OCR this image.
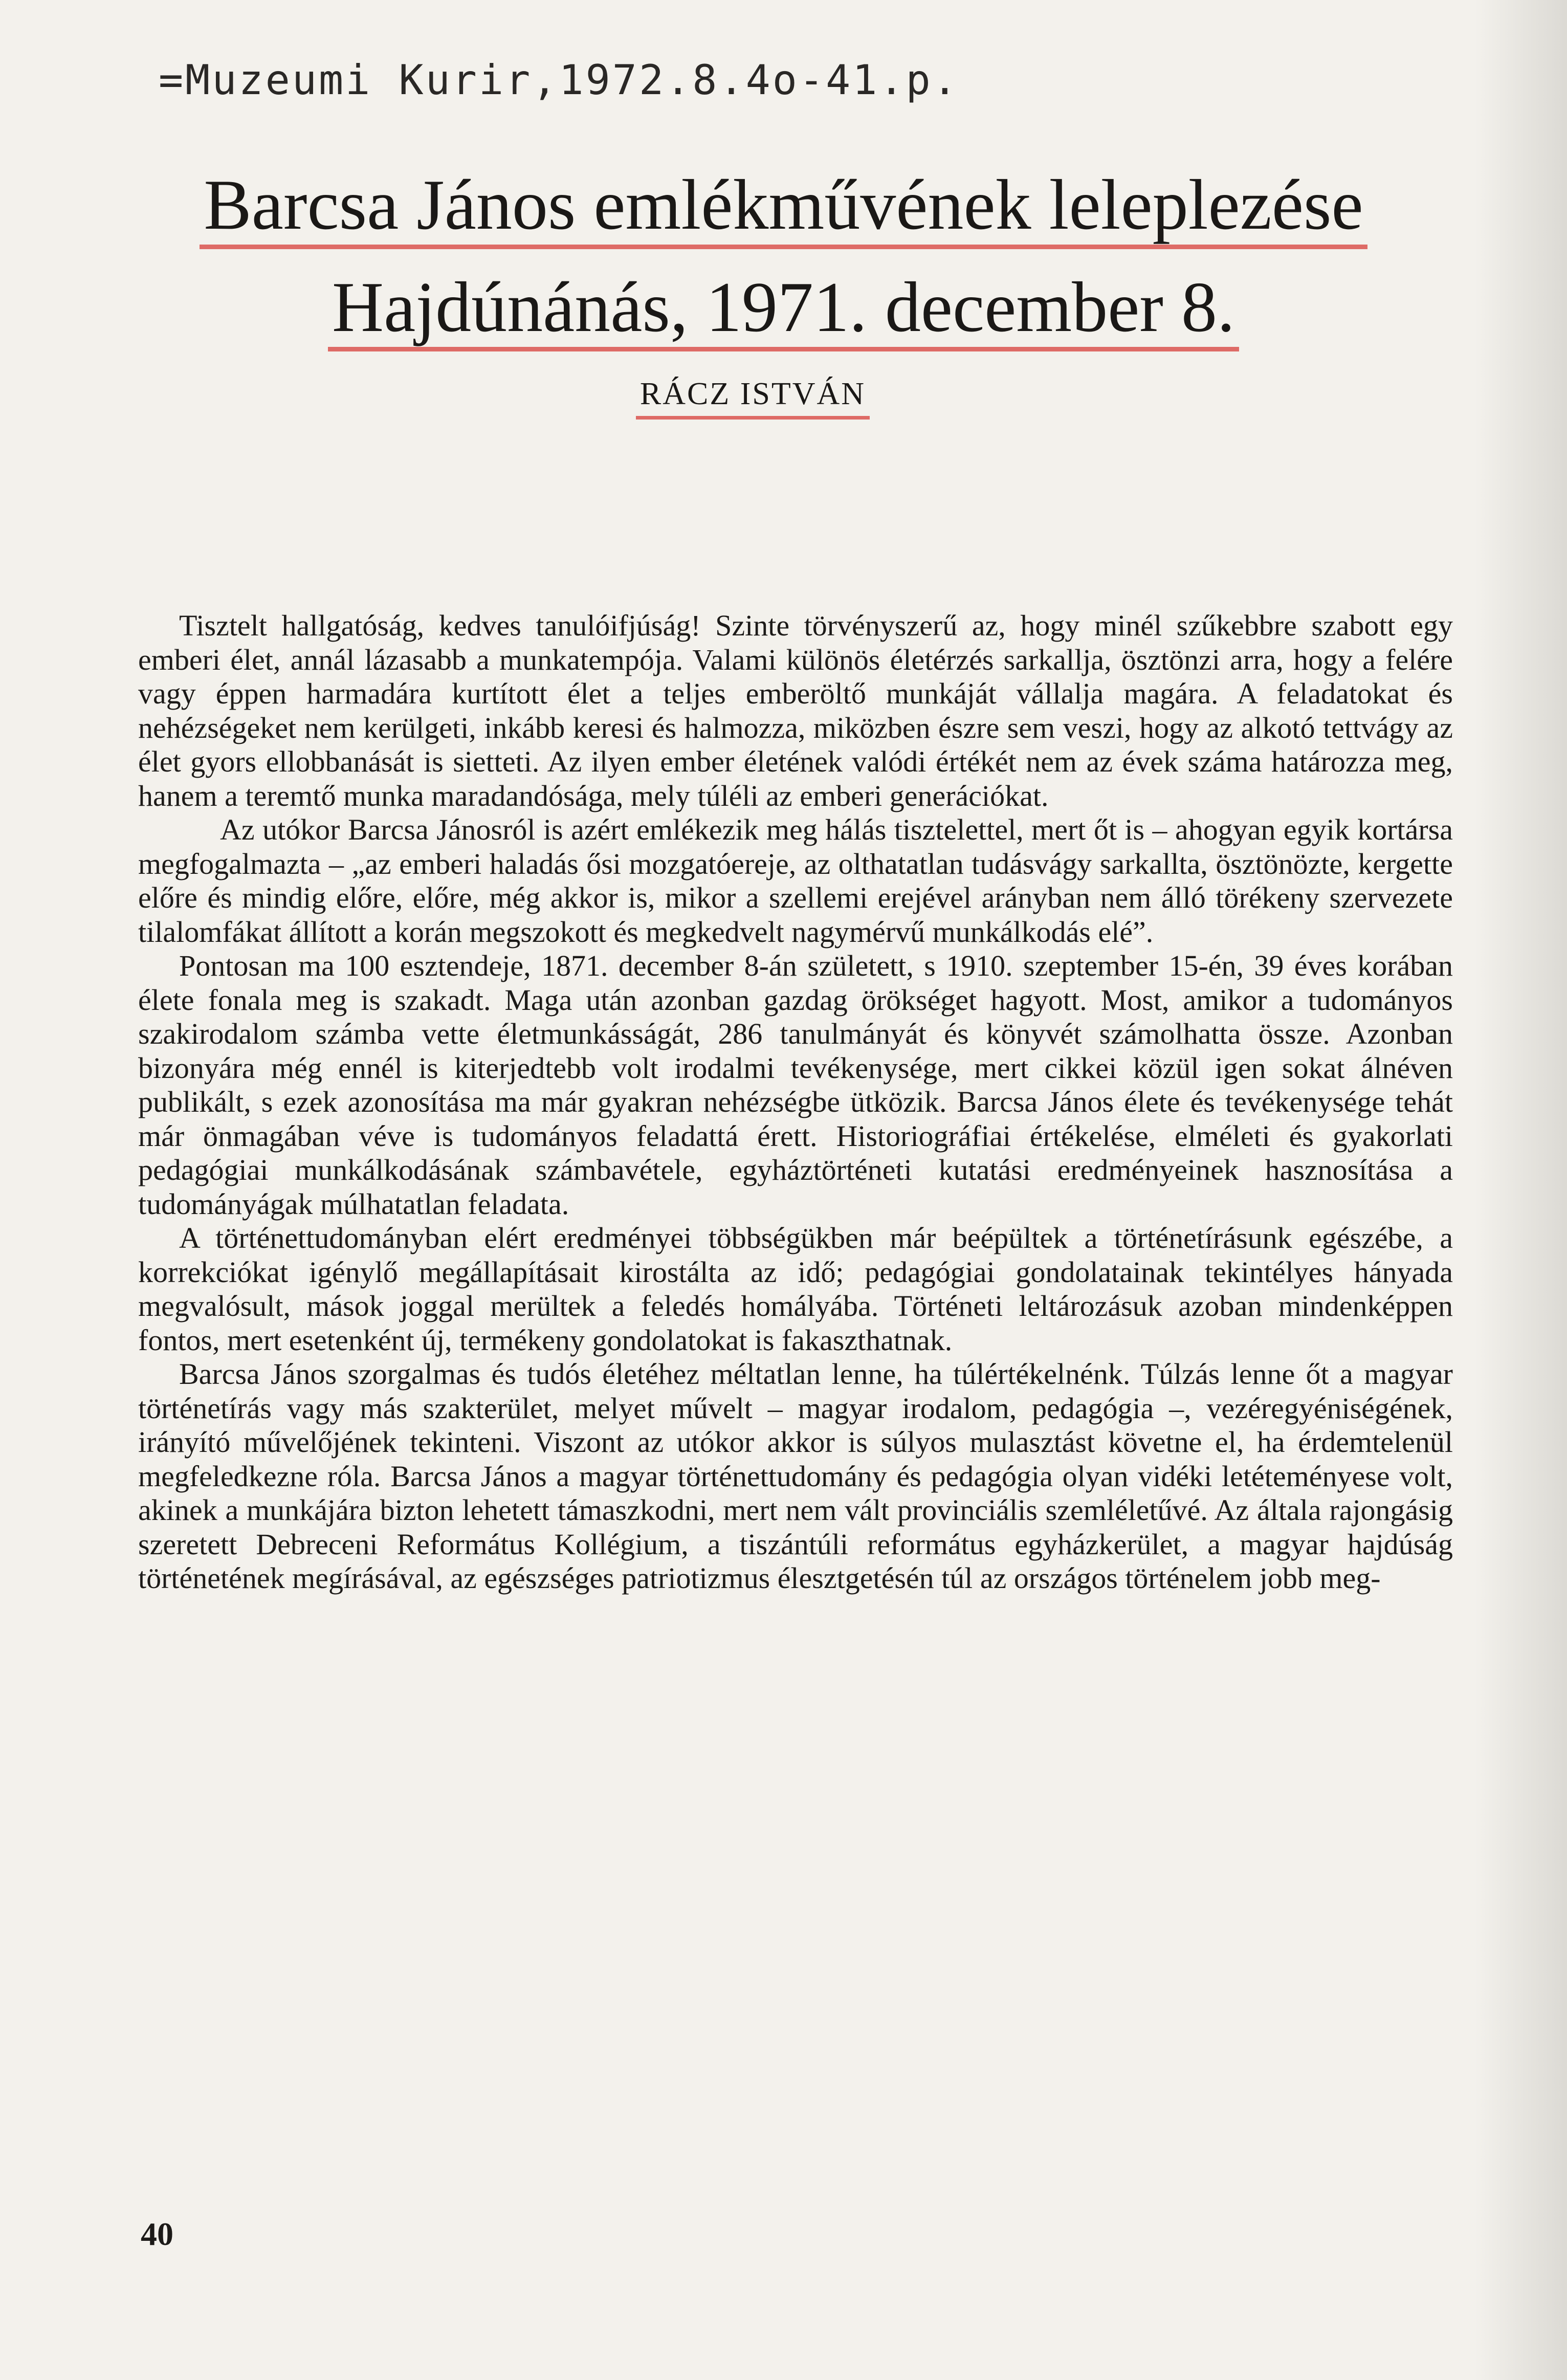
=Muzeumi Kurir,1972.8.4o-41.p.
Barcsa János emlékművének leleplezése
Hajdúnánás, 1971. december 8.
RÁCZ ISTVÁN

Tisztelt hallgatóság, kedves tanulóifjúság! Szinte törvényszerű az, hogy minél szűkebbre szabott egy emberi élet, annál lázasabb a munkatempója. Valami különös életérzés sarkallja, ösztönzi arra, hogy a felére vagy éppen harmadára kurtított élet a teljes emberöltő munkáját vállalja magára. A feladatokat és nehézségeket nem kerülgeti, inkább keresi és halmozza, miközben észre sem veszi, hogy az alkotó tettvágy az élet gyors ellobbanását is sietteti. Az ilyen ember életének valódi értékét nem az évek száma határozza meg, hanem a teremtő munka maradandósága, mely túléli az emberi generációkat.

Az utókor Barcsa Jánosról is azért emlékezik meg hálás tisztelettel, mert őt is – ahogyan egyik kortársa megfogalmazta – „az emberi haladás ősi mozgatóereje, az olthatatlan tudásvágy sarkallta, ösztönözte, kergette előre és mindig előre, előre, még akkor is, mikor a szellemi erejével arányban nem álló törékeny szervezete tilalomfákat állított a korán megszokott és megkedvelt nagymérvű munkálkodás elé”.

Pontosan ma 100 esztendeje, 1871. december 8-án született, s 1910. szeptember 15-én, 39 éves korában élete fonala meg is szakadt. Maga után azonban gazdag örökséget hagyott. Most, amikor a tudományos szakirodalom számba vette életmunkásságát, 286 tanulmányát és könyvét számolhatta össze. Azonban bizonyára még ennél is kiterjedtebb volt irodalmi tevékenysége, mert cikkei közül igen sokat álnéven publikált, s ezek azonosítása ma már gyakran nehézségbe ütközik. Barcsa János élete és tevékenysége tehát már önmagában véve is tudományos feladattá érett. Historiográfiai értékelése, elméleti és gyakorlati pedagógiai munkálkodásának számbavétele, egyháztörténeti kutatási eredményeinek hasznosítása a tudományágak múlhatatlan feladata.

A történettudományban elért eredményei többségükben már beépültek a történetírásunk egészébe, a korrekciókat igénylő megállapításait kirostálta az idő; pedagógiai gondolatainak tekintélyes hányada megvalósult, mások joggal merültek a feledés homályába. Történeti leltározásuk azoban mindenképpen fontos, mert esetenként új, termékeny gondolatokat is fakaszthatnak.

Barcsa János szorgalmas és tudós életéhez méltatlan lenne, ha túlértékelnénk. Túlzás lenne őt a magyar történetírás vagy más szakterület, melyet művelt – magyar irodalom, pedagógia –, vezéregyéniségének, irányító művelőjének tekinteni. Viszont az utókor akkor is súlyos mulasztást követne el, ha érdemtelenül megfeledkezne róla. Barcsa János a magyar történettudomány és pedagógia olyan vidéki letéteményese volt, akinek a munkájára bizton lehetett támaszkodni, mert nem vált provinciális szemléletűvé. Az általa rajongásig szeretett Debreceni Református Kollégium, a tiszántúli református egyházkerület, a magyar hajdúság történetének megírásával, az egészséges patriotizmus élesztgetésén túl az országos történelem jobb meg-

40
